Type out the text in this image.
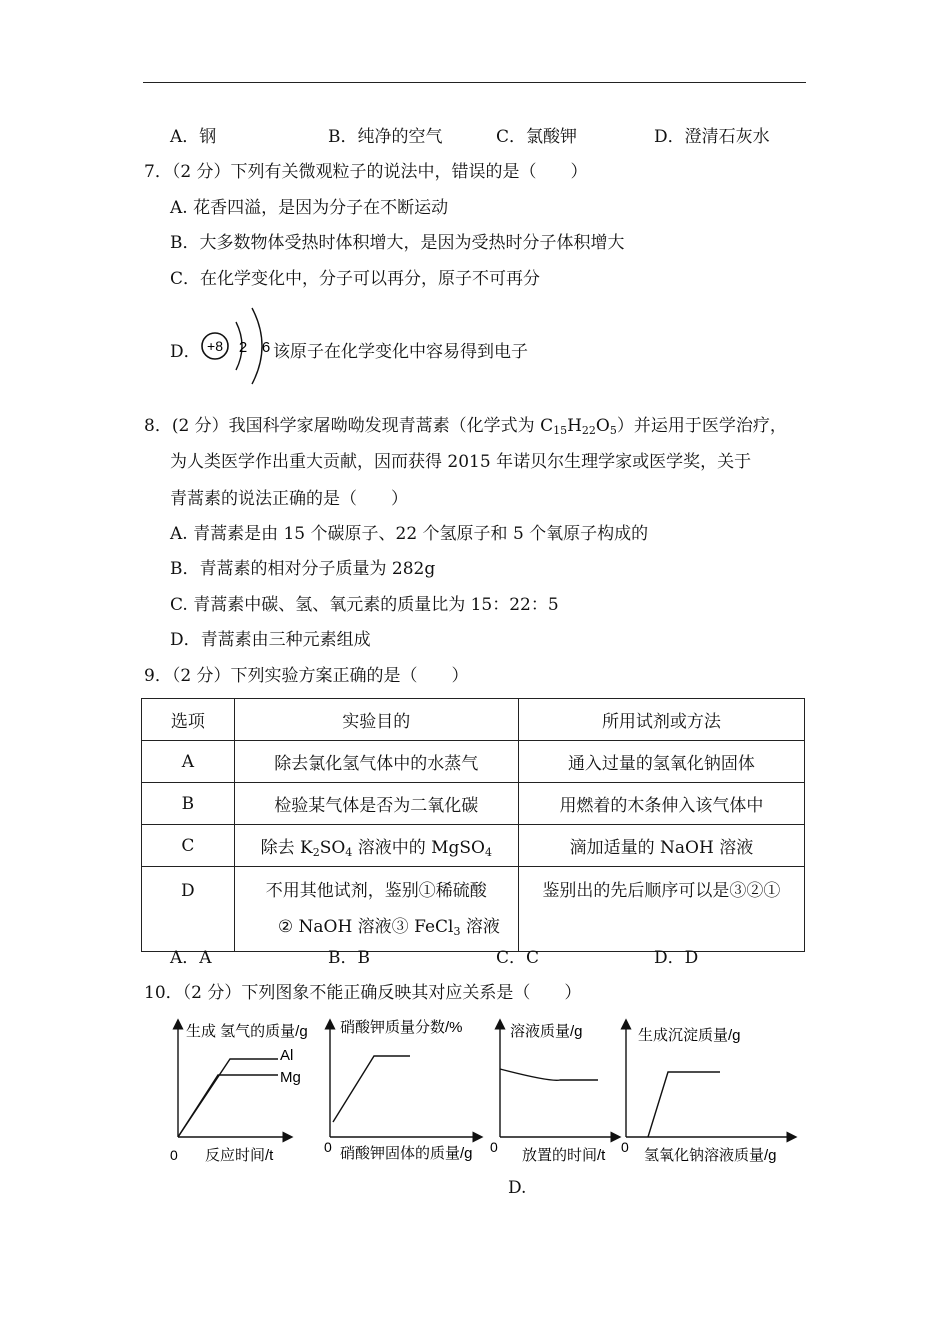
A．钢	B．纯净的空气	C．氯酸钾	D．澄清石灰水
7．（2 分）下列有关微观粒子的说法中，错误的是（　　）
A. 花香四溢，是因为分子在不断运动
B．大多数物体受热时体积增大，是因为受热时分子体积增大
C．在化学变化中，分子可以再分，原子不可再分
D． +8 2 6 该原子在化学变化中容易得到电子
8．(2 分）我国科学家屠呦呦发现青蒿素（化学式为 $C_{15}H_{22}O_5$）并运用于医学治疗，
为人类医学作出重大贡献，因而获得 2015 年诺贝尔生理学家或医学奖，关于
青蒿素的说法正确的是（　　）
A. 青蒿素是由 15 个碳原子、22 个氢原子和 5 个氧原子构成的
B．青蒿素的相对分子质量为 282g
C. 青蒿素中碳、氢、氧元素的质量比为 15：22：5
D．青蒿素由三种元素组成
9．（2 分）下列实验方案正确的是（　　）
选项	实验目的	所用试剂或方法
A	除去氯化氢气体中的水蒸气	通入过量的氢氧化钠固体
B	检验某气体是否为二氧化碳	用燃着的木条伸入该气体中
C	除去 $K_2SO_4$ 溶液中的 MgSO$_4$	滴加适量的 NaOH 溶液

D	不用其他试剂，鉴别①稀硫酸
② NaOH 溶液③ FeCl$_3$ 溶液	鉴别出的先后顺序可以是③②①
A．A	B．B	C．C	D．D
10．（2 分）下列图象不能正确反映其对应关系是（　　）
生成 氢气的质量/g
反应时间/t
0
Al
Mg
硝酸钾质量分数/%
硝酸钾固体的质量/g
0
溶液质量/g
放置的时间/t
0
生成沉淀质量/g
氢氧化钠溶液质量/g
0
D.
